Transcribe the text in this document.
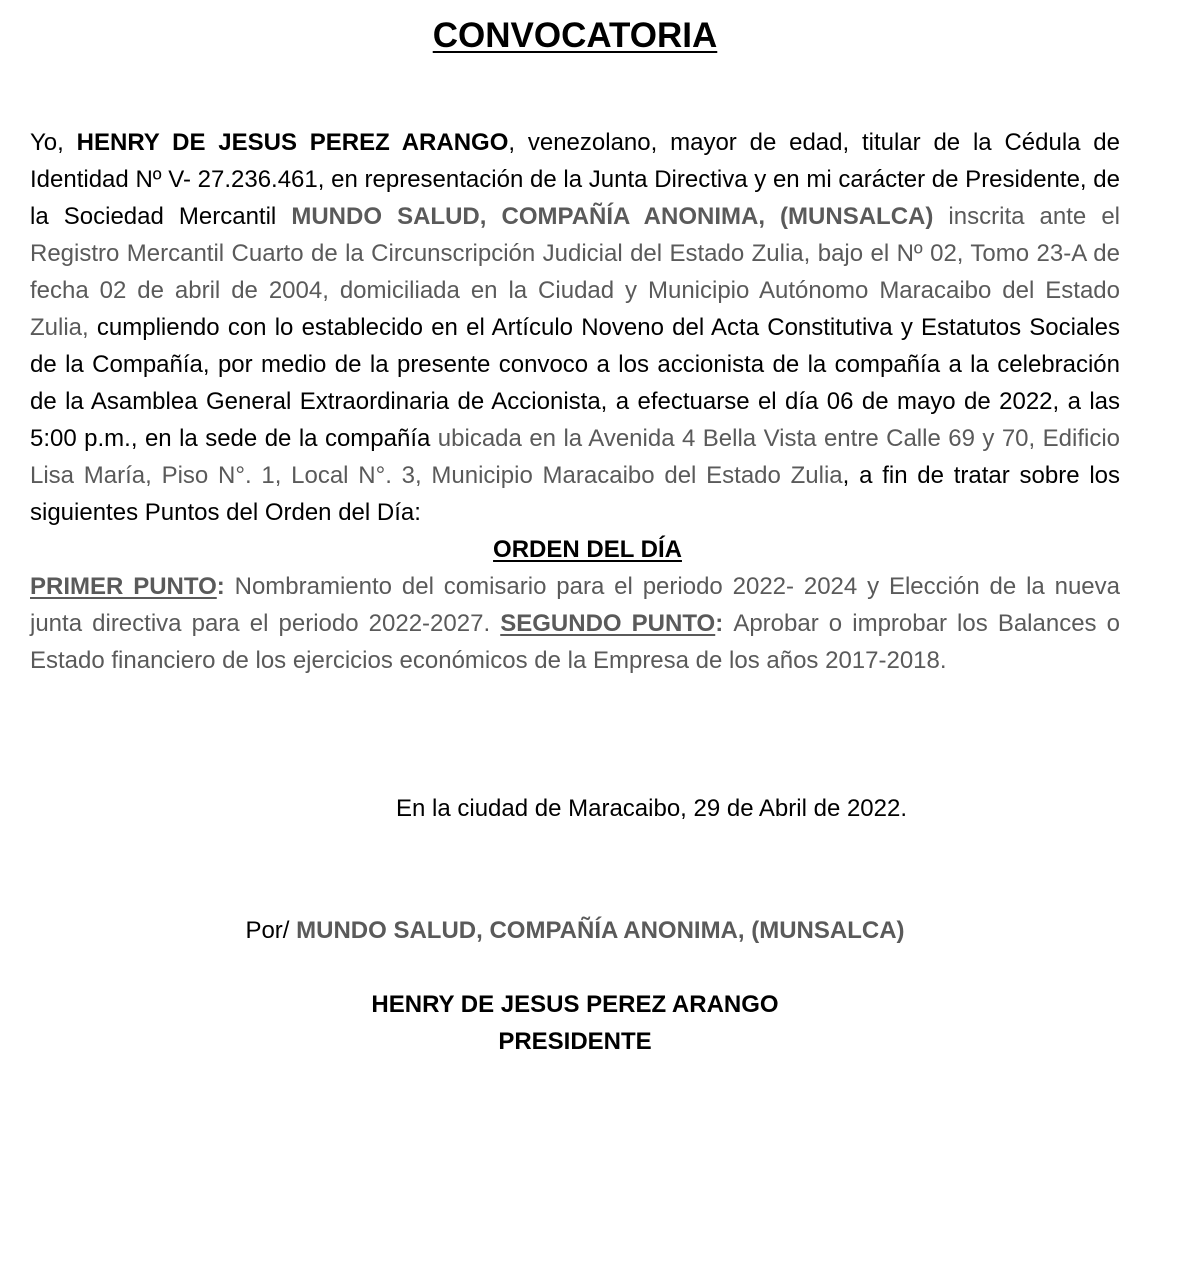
CONVOCATORIA

Yo, HENRY DE JESUS PEREZ ARANGO, venezolano, mayor de edad, titular de la Cédula de Identidad Nº V- 27.236.461, en representación de la Junta Directiva y en mi carácter de Presidente, de la Sociedad Mercantil MUNDO SALUD, COMPAÑÍA ANONIMA, (MUNSALCA) inscrita ante el Registro Mercantil Cuarto de la Circunscripción Judicial del Estado Zulia, bajo el Nº 02, Tomo 23-A de fecha 02 de abril de 2004, domiciliada en la Ciudad y Municipio Autónomo Maracaibo del Estado Zulia, cumpliendo con lo establecido en el Artículo Noveno del Acta Constitutiva y Estatutos Sociales de la Compañía, por medio de la presente convoco a los accionista de la compañía a la celebración de la Asamblea General Extraordinaria de Accionista, a efectuarse el día 06 de mayo de 2022, a las 5:00 p.m., en la sede de la compañía ubicada en la Avenida 4 Bella Vista entre Calle 69 y 70, Edificio Lisa María, Piso N°. 1, Local N°. 3, Municipio Maracaibo del Estado Zulia, a fin de tratar sobre los siguientes Puntos del Orden del Día:
ORDEN DEL DÍA
PRIMER PUNTO: Nombramiento del comisario para el periodo 2022- 2024 y Elección de la nueva junta directiva para el periodo 2022-2027. SEGUNDO PUNTO: Aprobar o improbar los Balances o Estado financiero de los ejercicios económicos de la Empresa de los años 2017-2018.

En la ciudad de Maracaibo, 29 de Abril de 2022.

Por/ MUNDO SALUD, COMPAÑÍA ANONIMA, (MUNSALCA)

HENRY DE JESUS PEREZ ARANGO
PRESIDENTE
